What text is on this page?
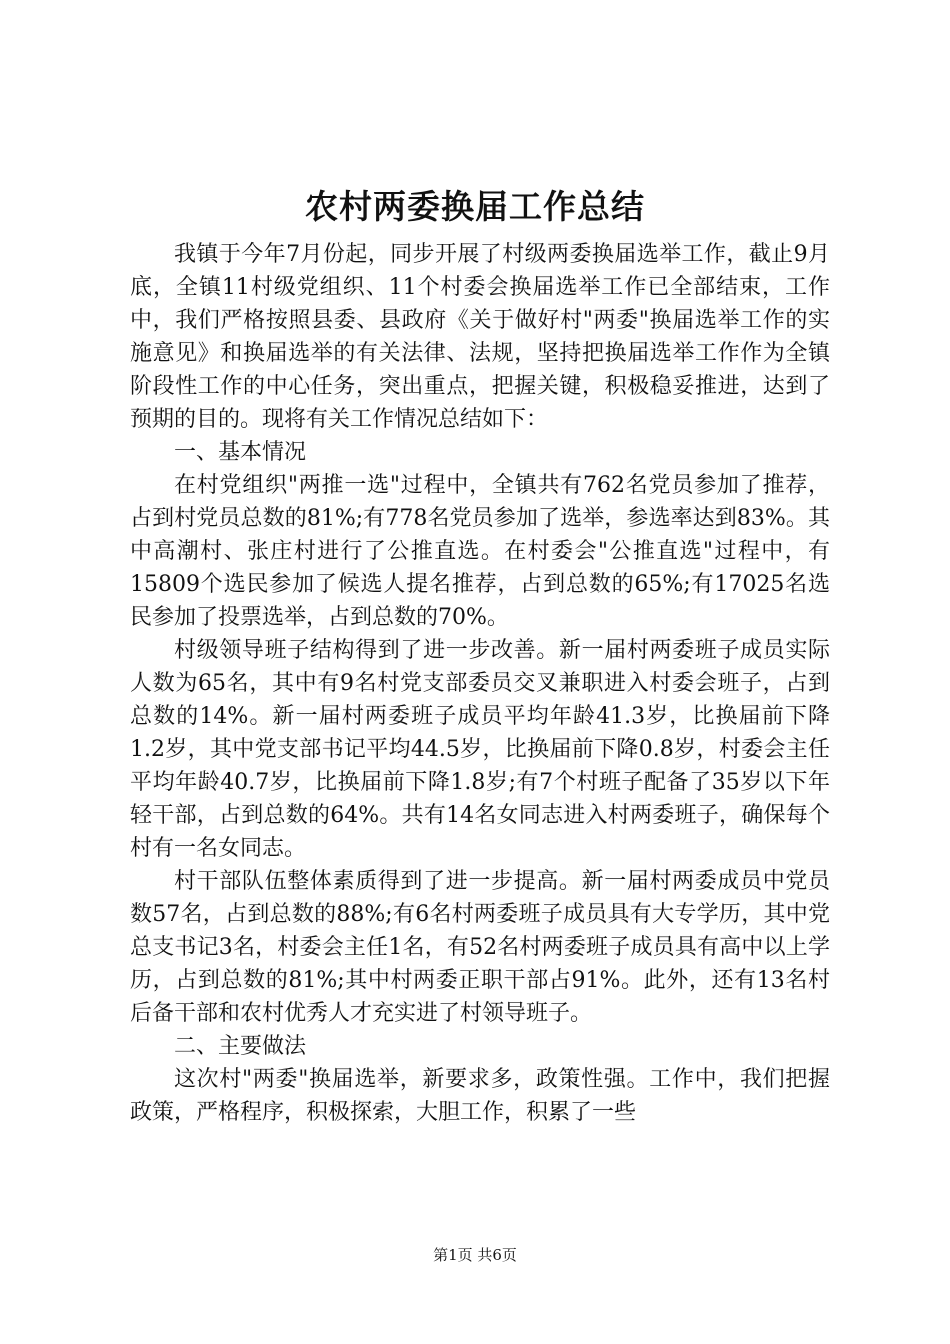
农村两委换届工作总结

我镇于今年7月份起，同步开展了村级两委换届选举工作，截止9月底，全镇11村级党组织、11个村委会换届选举工作已全部结束，工作中，我们严格按照县委、县政府《关于做好村"两委"换届选举工作的实施意见》和换届选举的有关法律、法规，坚持把换届选举工作作为全镇阶段性工作的中心任务，突出重点，把握关键，积极稳妥推进，达到了预期的目的。现将有关工作情况总结如下：

一、基本情况

在村党组织"两推一选"过程中，全镇共有762名党员参加了推荐，占到村党员总数的81%;有778名党员参加了选举，参选率达到83%。其中高潮村、张庄村进行了公推直选。在村委会"公推直选"过程中，有15809个选民参加了候选人提名推荐，占到总数的65%;有17025名选民参加了投票选举，占到总数的70%。

村级领导班子结构得到了进一步改善。新一届村两委班子成员实际人数为65名，其中有9名村党支部委员交叉兼职进入村委会班子，占到总数的14%。新一届村两委班子成员平均年龄41.3岁，比换届前下降1.2岁，其中党支部书记平均44.5岁，比换届前下降0.8岁，村委会主任平均年龄40.7岁，比换届前下降1.8岁;有7个村班子配备了35岁以下年轻干部，占到总数的64%。共有14名女同志进入村两委班子，确保每个村有一名女同志。

村干部队伍整体素质得到了进一步提高。新一届村两委成员中党员数57名，占到总数的88%;有6名村两委班子成员具有大专学历，其中党总支书记3名，村委会主任1名，有52名村两委班子成员具有高中以上学历，占到总数的81%;其中村两委正职干部占91%。此外，还有13名村后备干部和农村优秀人才充实进了村领导班子。

二、主要做法

这次村"两委"换届选举，新要求多，政策性强。工作中，我们把握政策，严格程序，积极探索，大胆工作，积累了一些

第1页 共6页
